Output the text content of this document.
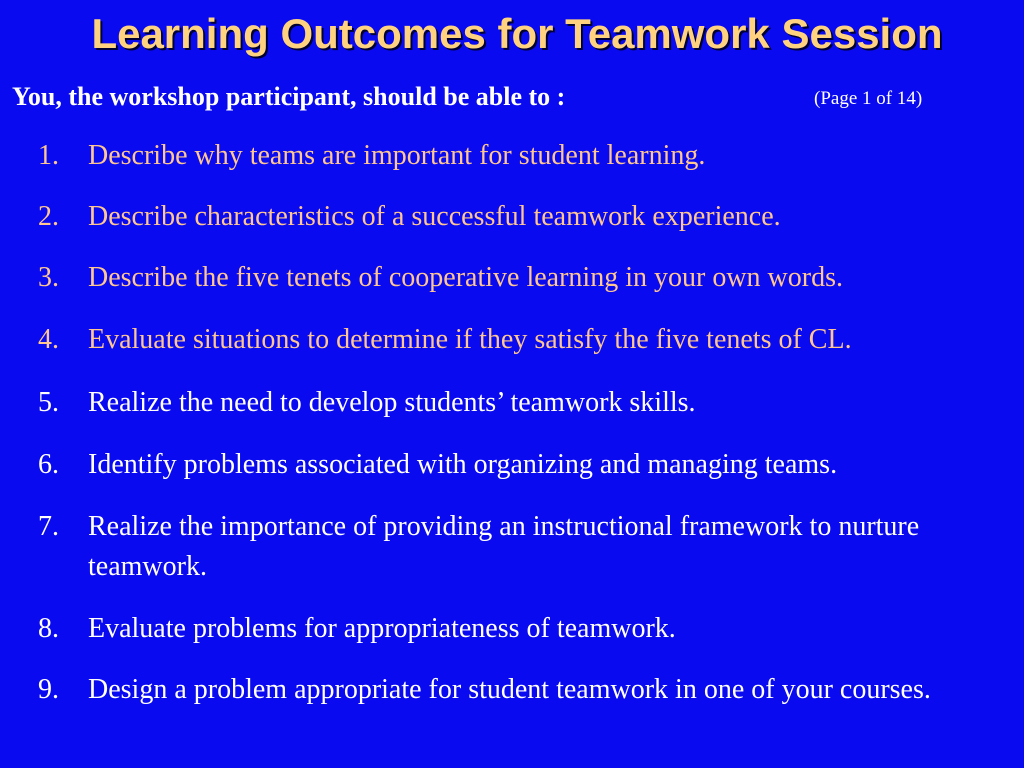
Learning Outcomes for Teamwork Session
You, the workshop participant, should be able to :	(Page 1 of 14)
1.	Describe why teams are important for student learning.
2.	Describe characteristics of a successful teamwork experience.
3.	Describe the five tenets of cooperative learning in your own words.
4.	Evaluate situations to determine if they satisfy the five tenets of CL.
5.	Realize the need to develop students’ teamwork skills.
6.	Identify problems associated with organizing and managing teams.
7.	Realize the importance of providing an instructional framework to nurture teamwork.
8.	Evaluate problems for appropriateness of teamwork.
9.	Design a problem appropriate for student teamwork in one of your courses.
